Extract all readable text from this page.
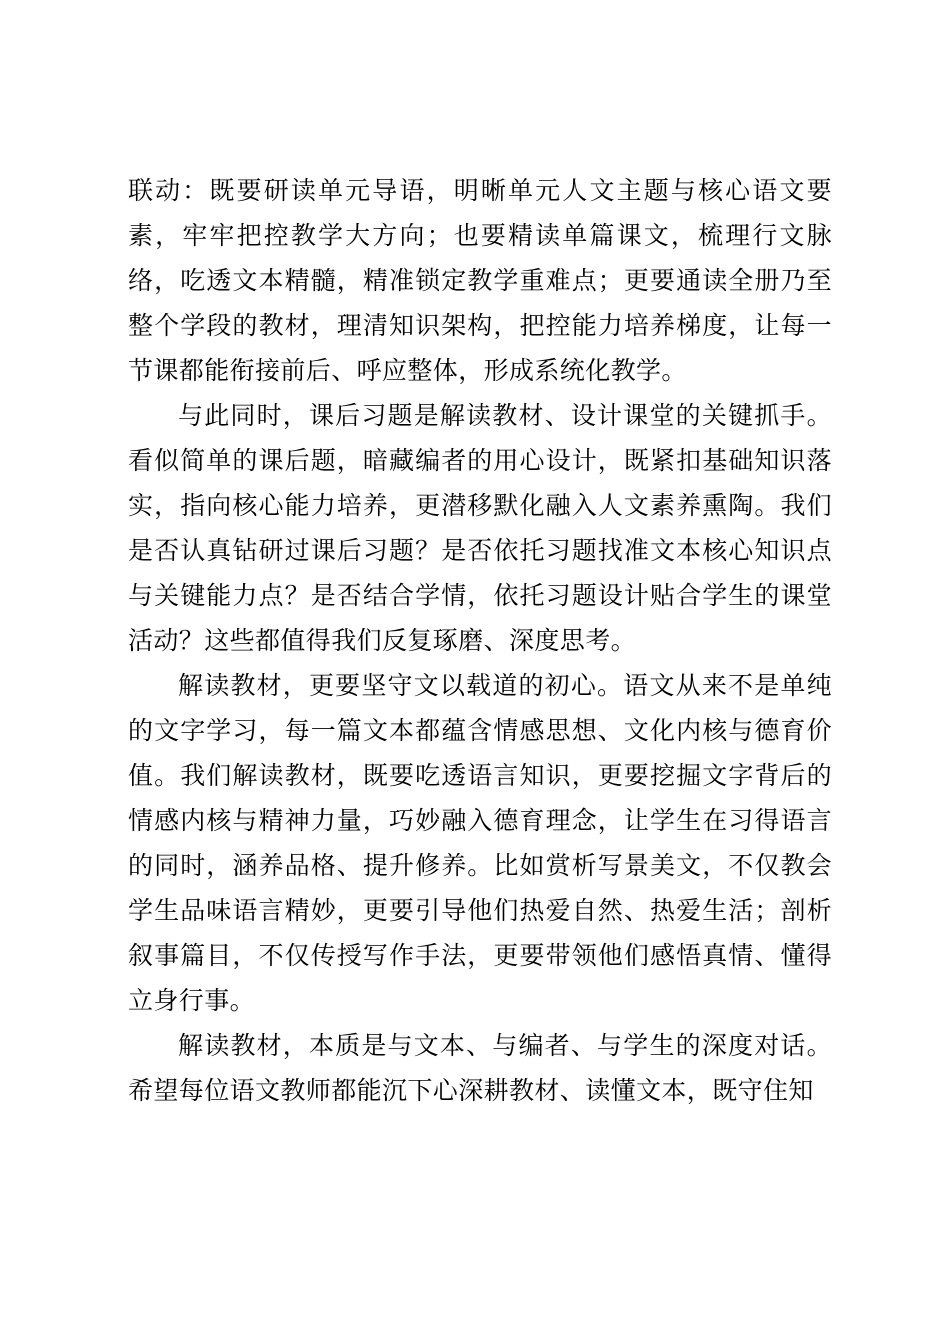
联动：既要研读单元导语，明晰单元人文主题与核心语文要素，牢牢把控教学大方向；也要精读单篇课文，梳理行文脉络，吃透文本精髓，精准锁定教学重难点；更要通读全册乃至整个学段的教材，理清知识架构，把控能力培养梯度，让每一节课都能衔接前后、呼应整体，形成系统化教学。

与此同时，课后习题是解读教材、设计课堂的关键抓手。看似简单的课后题，暗藏编者的用心设计，既紧扣基础知识落实，指向核心能力培养，更潜移默化融入人文素养熏陶。我们是否认真钻研过课后习题？是否依托习题找准文本核心知识点与关键能力点？是否结合学情，依托习题设计贴合学生的课堂活动？这些都值得我们反复琢磨、深度思考。

解读教材，更要坚守文以载道的初心。语文从来不是单纯的文字学习，每一篇文本都蕴含情感思想、文化内核与德育价值。我们解读教材，既要吃透语言知识，更要挖掘文字背后的情感内核与精神力量，巧妙融入德育理念，让学生在习得语言的同时，涵养品格、提升修养。比如赏析写景美文，不仅教会学生品味语言精妙，更要引导他们热爱自然、热爱生活；剖析叙事篇目，不仅传授写作手法，更要带领他们感悟真情、懂得立身行事。

解读教材，本质是与文本、与编者、与学生的深度对话。希望每位语文教师都能沉下心深耕教材、读懂文本，既守住知
